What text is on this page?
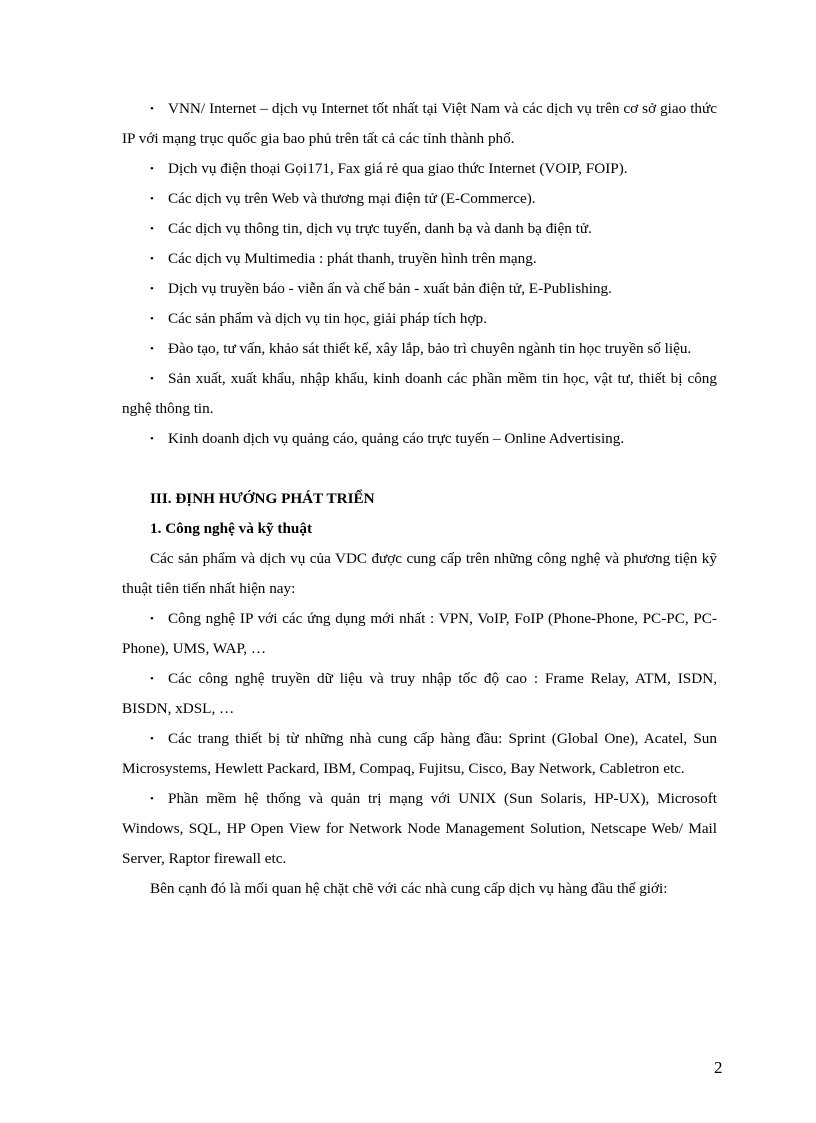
• VNN/ Internet – dịch vụ Internet tốt nhất tại Việt Nam và các dịch vụ trên cơ sở giao thức IP với mạng trục quốc gia bao phủ trên tất cả các tỉnh thành phố.

• Dịch vụ điện thoại Gọi171, Fax giá rẻ qua giao thức Internet (VOIP, FOIP).

• Các dịch vụ trên Web và thương mại điện tử (E-Commerce).

• Các dịch vụ thông tin, dịch vụ trực tuyến, danh bạ và danh bạ điện tử.

• Các dịch vụ Multimedia : phát thanh, truyền hình trên mạng.

• Dịch vụ truyền báo - viễn ấn và chế bản - xuất bản điện tử, E-Publishing.

• Các sản phẩm và dịch vụ tin học, giải pháp tích hợp.

• Đào tạo, tư vấn, khảo sát thiết kế, xây lắp, bảo trì chuyên ngành tin học truyền số liệu.

• Sản xuất, xuất khẩu, nhập khẩu, kinh doanh các phần mềm tin học, vật tư, thiết bị công nghệ thông tin.

• Kinh doanh dịch vụ quảng cáo, quảng cáo trực tuyến – Online Advertising.

III. ĐỊNH HƯỚNG PHÁT TRIỂN

1. Công nghệ và kỹ thuật

Các sản phẩm và dịch vụ của VDC được cung cấp trên những công nghệ và phương tiện kỹ thuật tiên tiến nhất hiện nay:

• Công nghệ IP với các ứng dụng mới nhất : VPN, VoIP, FoIP (Phone-Phone, PC-PC, PC-Phone), UMS, WAP, …

• Các công nghệ truyền dữ liệu và truy nhập tốc độ cao : Frame Relay, ATM, ISDN, BISDN, xDSL, …

• Các trang thiết bị từ những nhà cung cấp hàng đầu: Sprint (Global One), Acatel, Sun Microsystems, Hewlett Packard, IBM, Compaq, Fujitsu, Cisco, Bay Network, Cabletron etc.

• Phần mềm hệ thống và quản trị mạng với UNIX (Sun Solaris, HP-UX), Microsoft Windows, SQL, HP Open View for Network Node Management Solution, Netscape Web/ Mail Server, Raptor firewall etc.

Bên cạnh đó là mối quan hệ chặt chẽ với các nhà cung cấp dịch vụ hàng đầu thế giới:

2
